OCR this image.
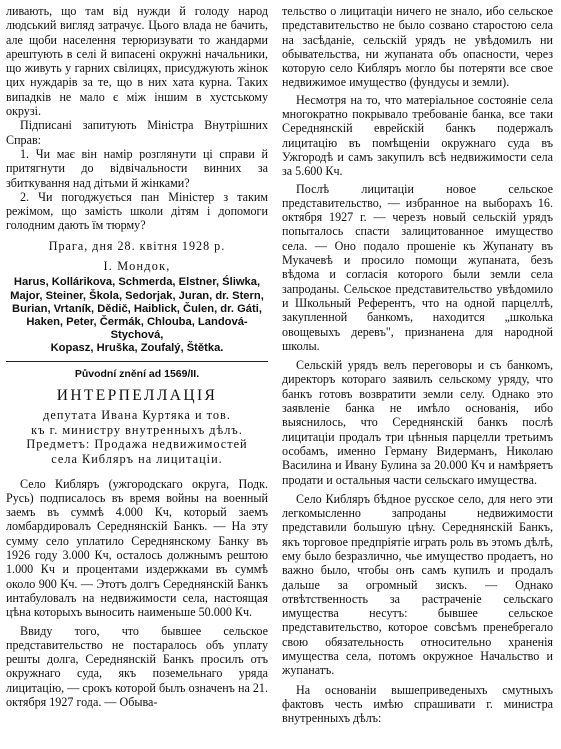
ливають, що там від нужди й голоду народ людський вигляд затрачує. Цього влада не бачить, але щоби населення терюризувати то жандарми арештують в селі й випасені окружні начальники, що живуть у гарних свілицях, присуджують жінок цих нуждарів за те, що в них хата курна. Таких випадків не мало є між іншим в хустському окрузі.

Підписані запитують Міністра Внутрішних Справ:

1. Чи має він намір розглянути ці справи й притягнути до відвічальности винних за збиткування над дітьми й жінками?

2. Чи погоджується пан Міністер з таким режімом, що замість школи дітям і допомоги голодним дають їм тюрму?

Прага, дня 28. квітня 1928 р.

I. Мондок,

Harus, Kollárikova, Schmerda, Elstner, Śliwka,

Major, Steiner, Škola, Sedorjak, Juran, dr. Stern,

Burian, Vrtaník, Dědič, Haiblick, Čulen, dr. Gáti,

Haken, Peter, Čermák, Chlouba, Landová-Stychová,

Kopasz, Hruška, Zoufalý, Štětka.

Původní znění ad 1569/II.

ИНТЕРПЕЛЛАЦІЯ

депутата Ивана Куртяка и тов.

къ г. министру внутренныхъ дѣлъ.

Предметъ: Продажа недвижимостей

села Кибляръ на лицитаціи.

Село Кибляръ (ужгородскаго округа, Подк. Русь) подписалось въ время войны на военный заемъ въ суммѣ 4.000 Кч, который заемъ ломбардировалъ Середнянскій Банкъ. — На эту сумму село уплатило Середнянскому Банку въ 1926 году 3.000 Кч, осталось должнымъ рештою 1.000 Кч и процентами издержками въ суммѣ около 900 Кч. — Этотъ долгъ Середнянскій Банкъ интабуловалъ на недвижимости села, настоящая цѣна которыхъ выносить наименьше 50.000 Кч.

Ввиду того, что бывшее сельское представительство не постаралось объ уплату решты долга, Середнянскій Банкъ просилъ отъ окружнаго суда, якъ поземельнаго уряда лицитацію, — срокъ которой былъ означенъ на 21. октября 1927 года. — Обыва-

тельство о лицитаціи ничего не знало, ибо сельское представительство не было созвано старостою села на засѣданіе, сельскій урядъ не увѣдомилъ ни обывательства, ни жупаната объ опасности, через которую село Кибляръ могло бы потеряти все свое недвижимое имущество (фундусы и земли).

Несмотря на то, что матеріальное состояніе села многократно покрывало требованіе банка, все таки Середнянскій еврейскій банкъ подержалъ лицитацію въ помѣщеніи окружнаго суда въ Ужгородѣ и самъ закупилъ всѣ недвижимости села за 5.600 Кч.

Послѣ лицитаціи новое сельское представительство, — избранное на выборахъ 16. октября 1927 г. — черезъ новый сельскій урядъ попыталось спасти залицитованное имущество села. — Оно подало прошеніе къ Жупанату въ Мукачевѣ и просило помощи жупаната, безъ вѣдома и согласія которого были земли села запроданы. Сельское представительство увѣдомило и Школьный Референтъ, что на одной парцеллѣ, закупленной банкомъ, находится „школька овощевыхъ деревъ", признанена для народной школы.

Сельскій урядъ велъ переговоры и съ банкомъ, директоръ котораго заявилъ сельскому уряду, что банкъ готовъ возвратити земли селу. Однако это заявленіе банка не имѣло основанія, ибо выяснилось, что Середнянскій банкъ послѣ лицитаціи продалъ три цѣнныя парцелли третьимъ особамъ, именно Герману Видерманъ, Николаю Василина и Ивану Булина за 20.000 Кч и намѣряетъ продати и остальныя части сельскаго имущества.

Село Кибляръ бѣдное русское село, для него эти легкомысленно запроданы недвижимости представили большую цѣну. Середнянскій Банкъ, якъ торговое предпріятіе играть роль въ этомъ дѣлѣ, ему было безразлично, чье имущество продаетъ, но важно было, чтобы онъ самъ купилъ и продалъ дальше за огромный зискъ. — Однако отвѣтственность за растраченіе сельскаго имущества несутъ: бывшее сельское представительство, которое совсѣмъ пренебрегало свою обязательность относительно храненія имущества села, потомъ окружное Начальство и жупанатъ.

На основаніи вышеприведеныхъ смутныхъ фактовъ честь имѣю спрашивати г. министра внутренныхъ дѣлъ:
